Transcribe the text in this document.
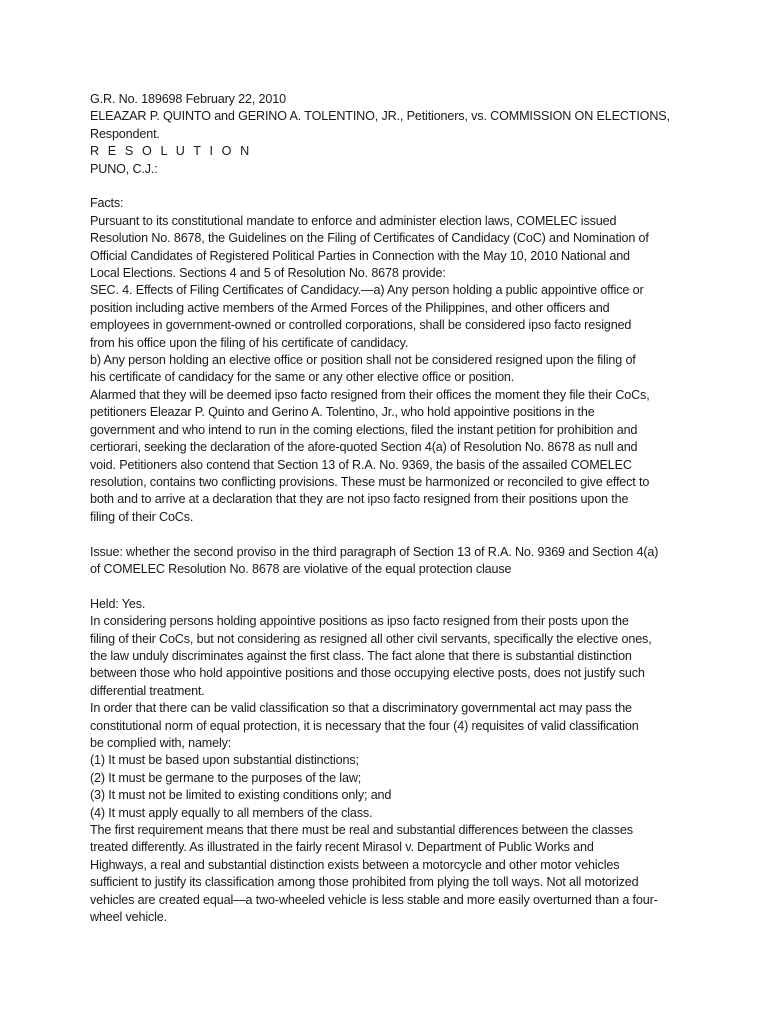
G.R. No. 189698 February 22, 2010
ELEAZAR P. QUINTO and GERINO A. TOLENTINO, JR., Petitioners, vs. COMMISSION ON ELECTIONS,
Respondent.
R E S O L U T I O N
PUNO, C.J.:
Facts:
Pursuant to its constitutional mandate to enforce and administer election laws, COMELEC issued
Resolution No. 8678, the Guidelines on the Filing of Certificates of Candidacy (CoC) and Nomination of
Official Candidates of Registered Political Parties in Connection with the May 10, 2010 National and
Local Elections. Sections 4 and 5 of Resolution No. 8678 provide:
SEC. 4. Effects of Filing Certificates of Candidacy.—a) Any person holding a public appointive office or
position including active members of the Armed Forces of the Philippines, and other officers and
employees in government-owned or controlled corporations, shall be considered ipso facto resigned
from his office upon the filing of his certificate of candidacy.
b) Any person holding an elective office or position shall not be considered resigned upon the filing of
his certificate of candidacy for the same or any other elective office or position.
Alarmed that they will be deemed ipso facto resigned from their offices the moment they file their CoCs,
petitioners Eleazar P. Quinto and Gerino A. Tolentino, Jr., who hold appointive positions in the
government and who intend to run in the coming elections, filed the instant petition for prohibition and
certiorari, seeking the declaration of the afore-quoted Section 4(a) of Resolution No. 8678 as null and
void. Petitioners also contend that Section 13 of R.A. No. 9369, the basis of the assailed COMELEC
resolution, contains two conflicting provisions. These must be harmonized or reconciled to give effect to
both and to arrive at a declaration that they are not ipso facto resigned from their positions upon the
filing of their CoCs.
Issue: whether the second proviso in the third paragraph of Section 13 of R.A. No. 9369 and Section 4(a)
of COMELEC Resolution No. 8678 are violative of the equal protection clause
Held: Yes.
In considering persons holding appointive positions as ipso facto resigned from their posts upon the
filing of their CoCs, but not considering as resigned all other civil servants, specifically the elective ones,
the law unduly discriminates against the first class. The fact alone that there is substantial distinction
between those who hold appointive positions and those occupying elective posts, does not justify such
differential treatment.
In order that there can be valid classification so that a discriminatory governmental act may pass the
constitutional norm of equal protection, it is necessary that the four (4) requisites of valid classification
be complied with, namely:
(1) It must be based upon substantial distinctions;
(2) It must be germane to the purposes of the law;
(3) It must not be limited to existing conditions only; and
(4) It must apply equally to all members of the class.
The first requirement means that there must be real and substantial differences between the classes
treated differently. As illustrated in the fairly recent Mirasol v. Department of Public Works and
Highways, a real and substantial distinction exists between a motorcycle and other motor vehicles
sufficient to justify its classification among those prohibited from plying the toll ways. Not all motorized
vehicles are created equal—a two-wheeled vehicle is less stable and more easily overturned than a four-
wheel vehicle.
